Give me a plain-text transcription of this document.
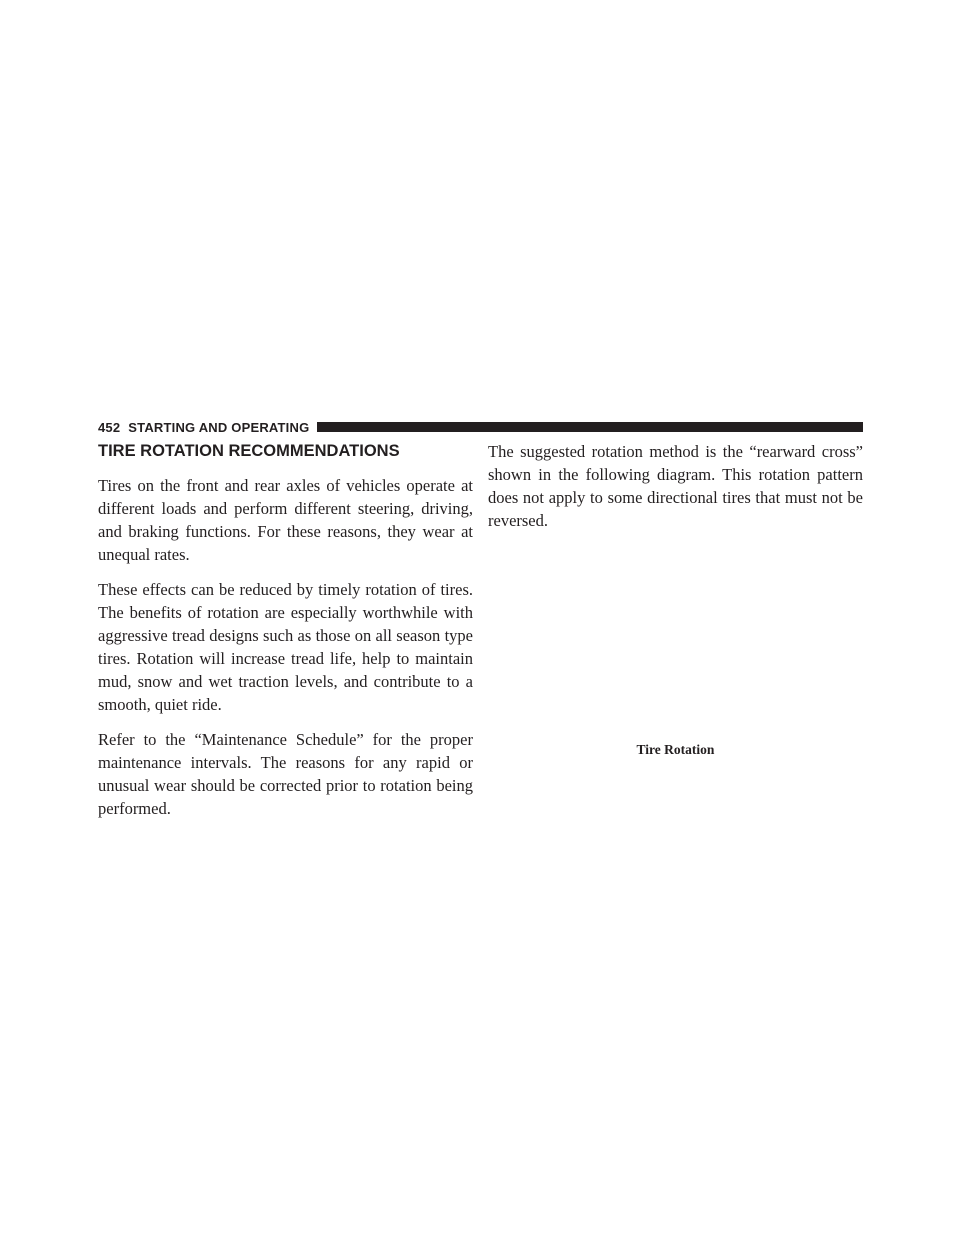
452 STARTING AND OPERATING
TIRE ROTATION RECOMMENDATIONS

Tires on the front and rear axles of vehicles operate at different loads and perform different steering, driving, and braking functions. For these reasons, they wear at unequal rates.

These effects can be reduced by timely rotation of tires. The benefits of rotation are especially worthwhile with aggressive tread designs such as those on all season type tires. Rotation will increase tread life, help to maintain mud, snow and wet traction levels, and contribute to a smooth, quiet ride.

Refer to the “Maintenance Schedule” for the proper maintenance intervals. The reasons for any rapid or unusual wear should be corrected prior to rotation being performed.

The suggested rotation method is the “rearward cross” shown in the following diagram. This rotation pattern does not apply to some directional tires that must not be reversed.

Tire Rotation
